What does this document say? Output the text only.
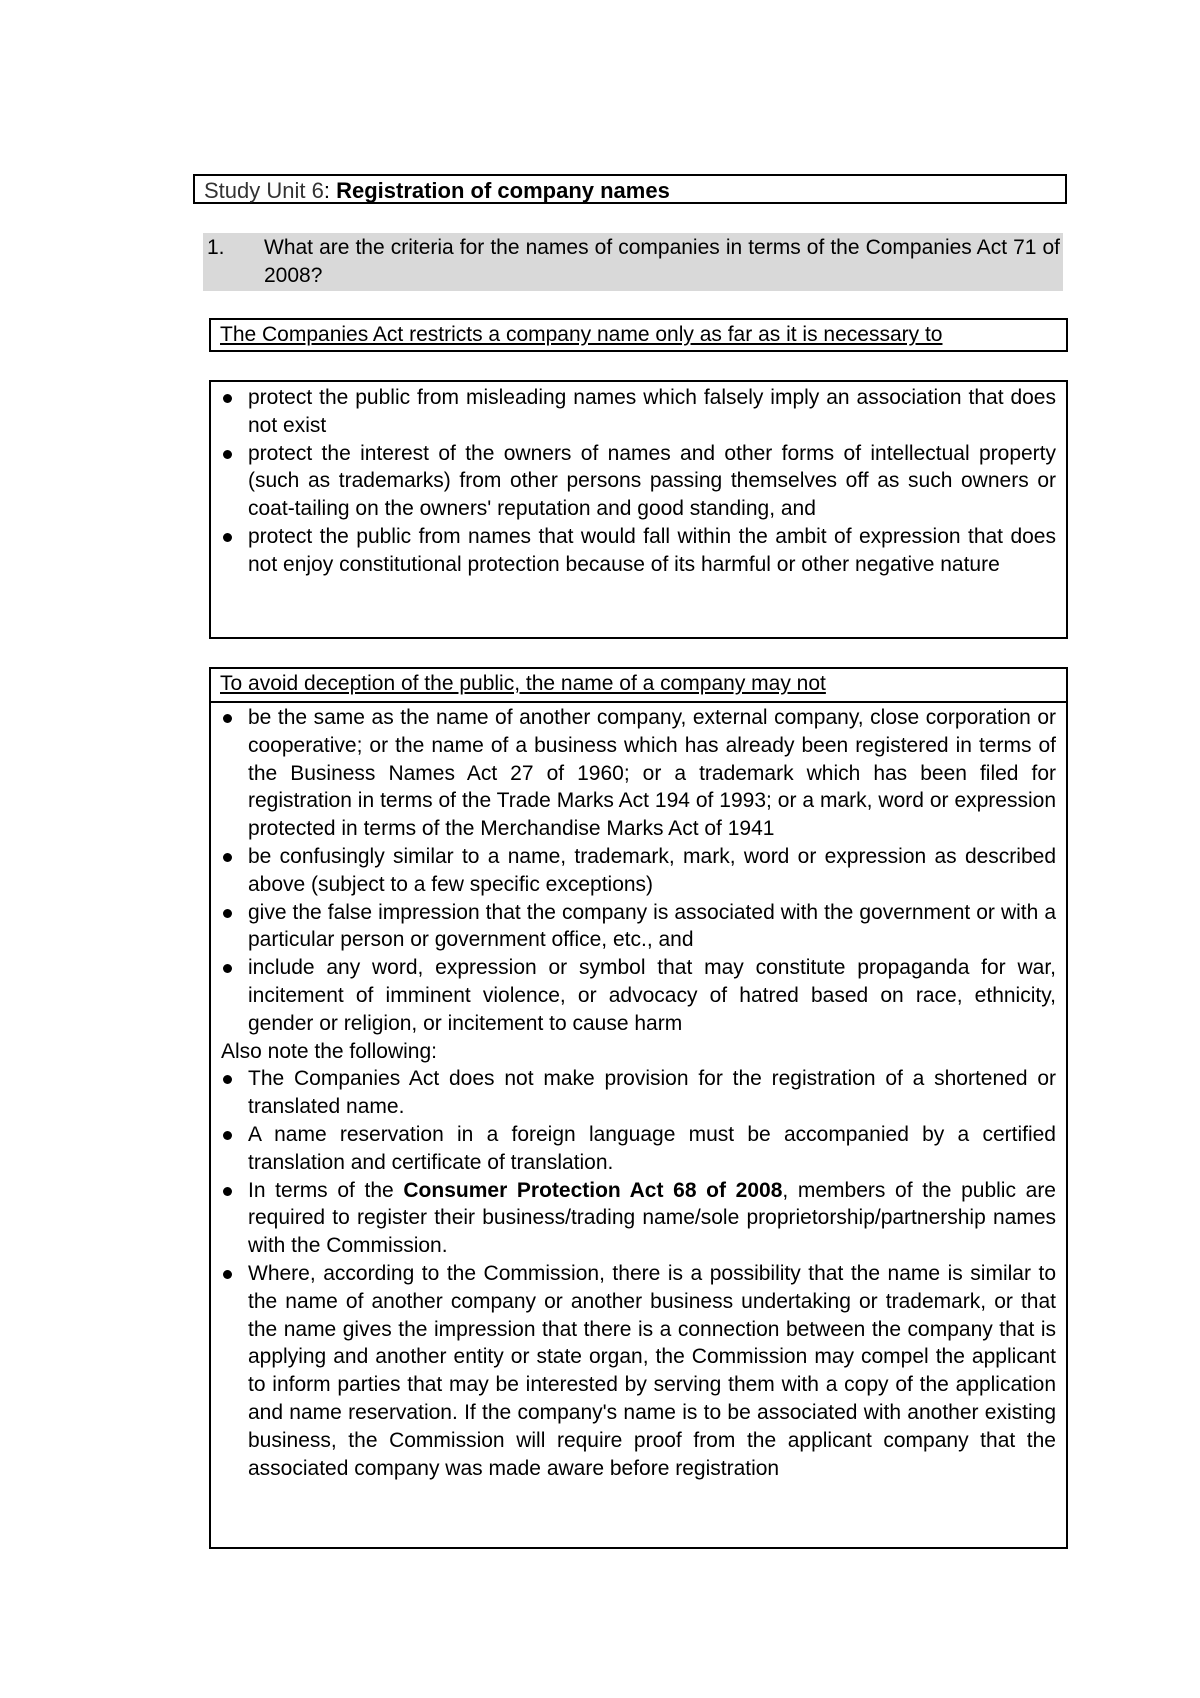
Study Unit 6: Registration of company names
1. What are the criteria for the names of companies in terms of the Companies Act 71 of 2008?
The Companies Act restricts a company name only as far as it is necessary to
protect the public from misleading names which falsely imply an association that does not exist
protect the interest of the owners of names and other forms of intellectual property (such as trademarks) from other persons passing themselves off as such owners or coat-tailing on the owners' reputation and good standing, and
protect the public from names that would fall within the ambit of expression that does not enjoy constitutional protection because of its harmful or other negative nature
To avoid deception of the public, the name of a company may not
be the same as the name of another company, external company, close corporation or cooperative; or the name of a business which has already been registered in terms of the Business Names Act 27 of 1960; or a trademark which has been filed for registration in terms of the Trade Marks Act 194 of 1993; or a mark, word or expression protected in terms of the Merchandise Marks Act of 1941
be confusingly similar to a name, trademark, mark, word or expression as described above (subject to a few specific exceptions)
give the false impression that the company is associated with the government or with a particular person or government office, etc., and
include any word, expression or symbol that may constitute propaganda for war, incitement of imminent violence, or advocacy of hatred based on race, ethnicity, gender or religion, or incitement to cause harm

Also note the following:

The Companies Act does not make provision for the registration of a shortened or translated name.
A name reservation in a foreign language must be accompanied by a certified translation and certificate of translation.
In terms of the Consumer Protection Act 68 of 2008, members of the public are required to register their business/trading name/sole proprietorship/partnership names with the Commission.
Where, according to the Commission, there is a possibility that the name is similar to the name of another company or another business undertaking or trademark, or that the name gives the impression that there is a connection between the company that is applying and another entity or state organ, the Commission may compel the applicant to inform parties that may be interested by serving them with a copy of the application and name reservation. If the company's name is to be associated with another existing business, the Commission will require proof from the applicant company that the associated company was made aware before registration
